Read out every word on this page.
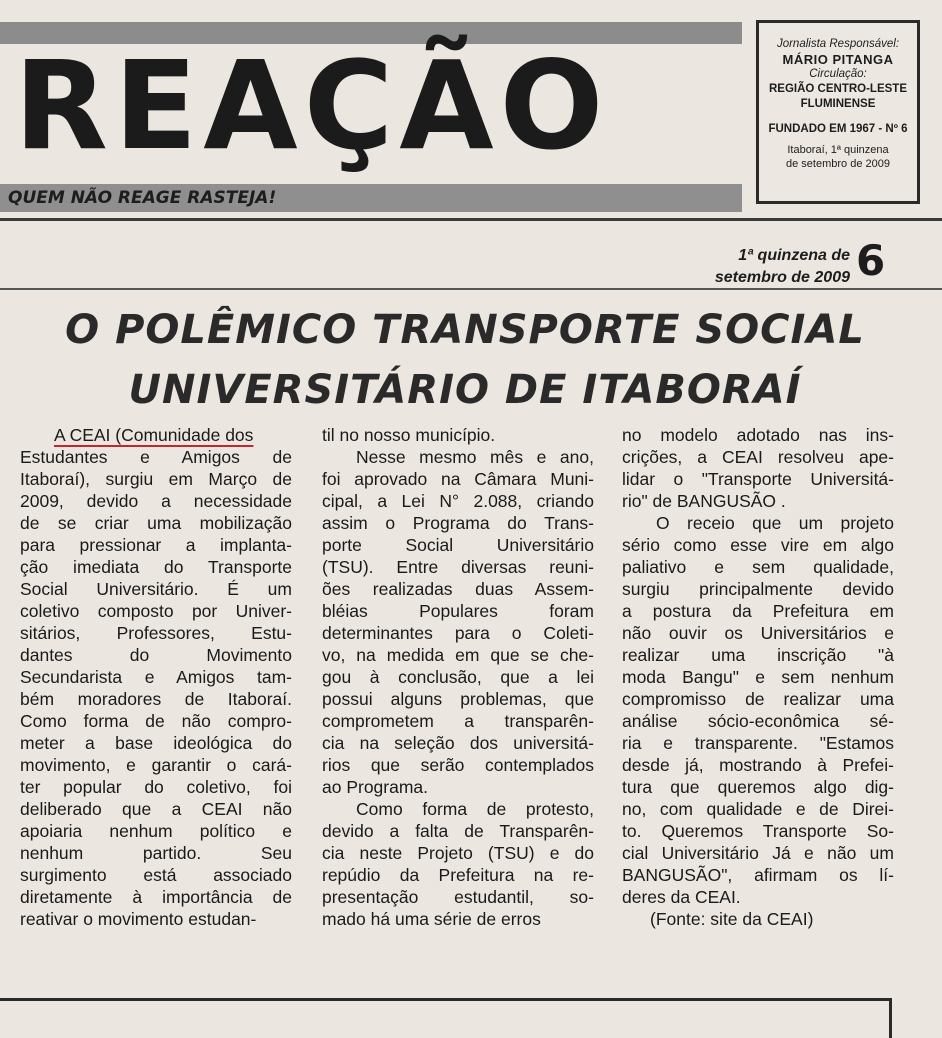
REAÇÃO
QUEM NÃO REAGE RASTEJA!
Jornalista Responsável:
MÁRIO PITANGA
Circulação:
REGIÃO CENTRO-LESTE
FLUMINENSE
FUNDADO EM 1967 - Nº 6
Itaboraí, 1ª quinzena
de setembro de 2009
1ª quinzena de
setembro de 2009 6
O POLÊMICO TRANSPORTE SOCIAL
UNIVERSITÁRIO DE ITABORAÍ
A CEAI (Comunidade dos
Estudantes e Amigos de
Itaboraí), surgiu em Março de
2009, devido a necessidade
de se criar uma mobilização
para pressionar a implanta-
ção imediata do Transporte
Social Universitário. É um
coletivo composto por Univer-
sitários, Professores, Estu-
dantes do Movimento
Secundarista e Amigos tam-
bém moradores de Itaboraí.
Como forma de não compro-
meter a base ideológica do
movimento, e garantir o cará-
ter popular do coletivo, foi
deliberado que a CEAI não
apoiaria nenhum político e
nenhum partido. Seu
surgimento está associado
diretamente à importância de
reativar o movimento estudan-
til no nosso município.
Nesse mesmo mês e ano,
foi aprovado na Câmara Muni-
cipal, a Lei N° 2.088, criando
assim o Programa do Trans-
porte Social Universitário
(TSU). Entre diversas reuni-
ões realizadas duas Assem-
bléias Populares foram
determinantes para o Coleti-
vo, na medida em que se che-
gou à conclusão, que a lei
possui alguns problemas, que
comprometem a transparên-
cia na seleção dos universitá-
rios que serão contemplados
ao Programa.
Como forma de protesto,
devido a falta de Transparên-
cia neste Projeto (TSU) e do
repúdio da Prefeitura na re-
presentação estudantil, so-
mado há uma série de erros
no modelo adotado nas ins-
crições, a CEAI resolveu ape-
lidar o "Transporte Universitá-
rio" de BANGUSÃO .
O receio que um projeto
sério como esse vire em algo
paliativo e sem qualidade,
surgiu principalmente devido
a postura da Prefeitura em
não ouvir os Universitários e
realizar uma inscrição "à
moda Bangu" e sem nenhum
compromisso de realizar uma
análise sócio-econômica sé-
ria e transparente. "Estamos
desde já, mostrando à Prefei-
tura que queremos algo dig-
no, com qualidade e de Direi-
to. Queremos Transporte So-
cial Universitário Já e não um
BANGUSÃO", afirmam os lí-
deres da CEAI.
(Fonte: site da CEAI)
